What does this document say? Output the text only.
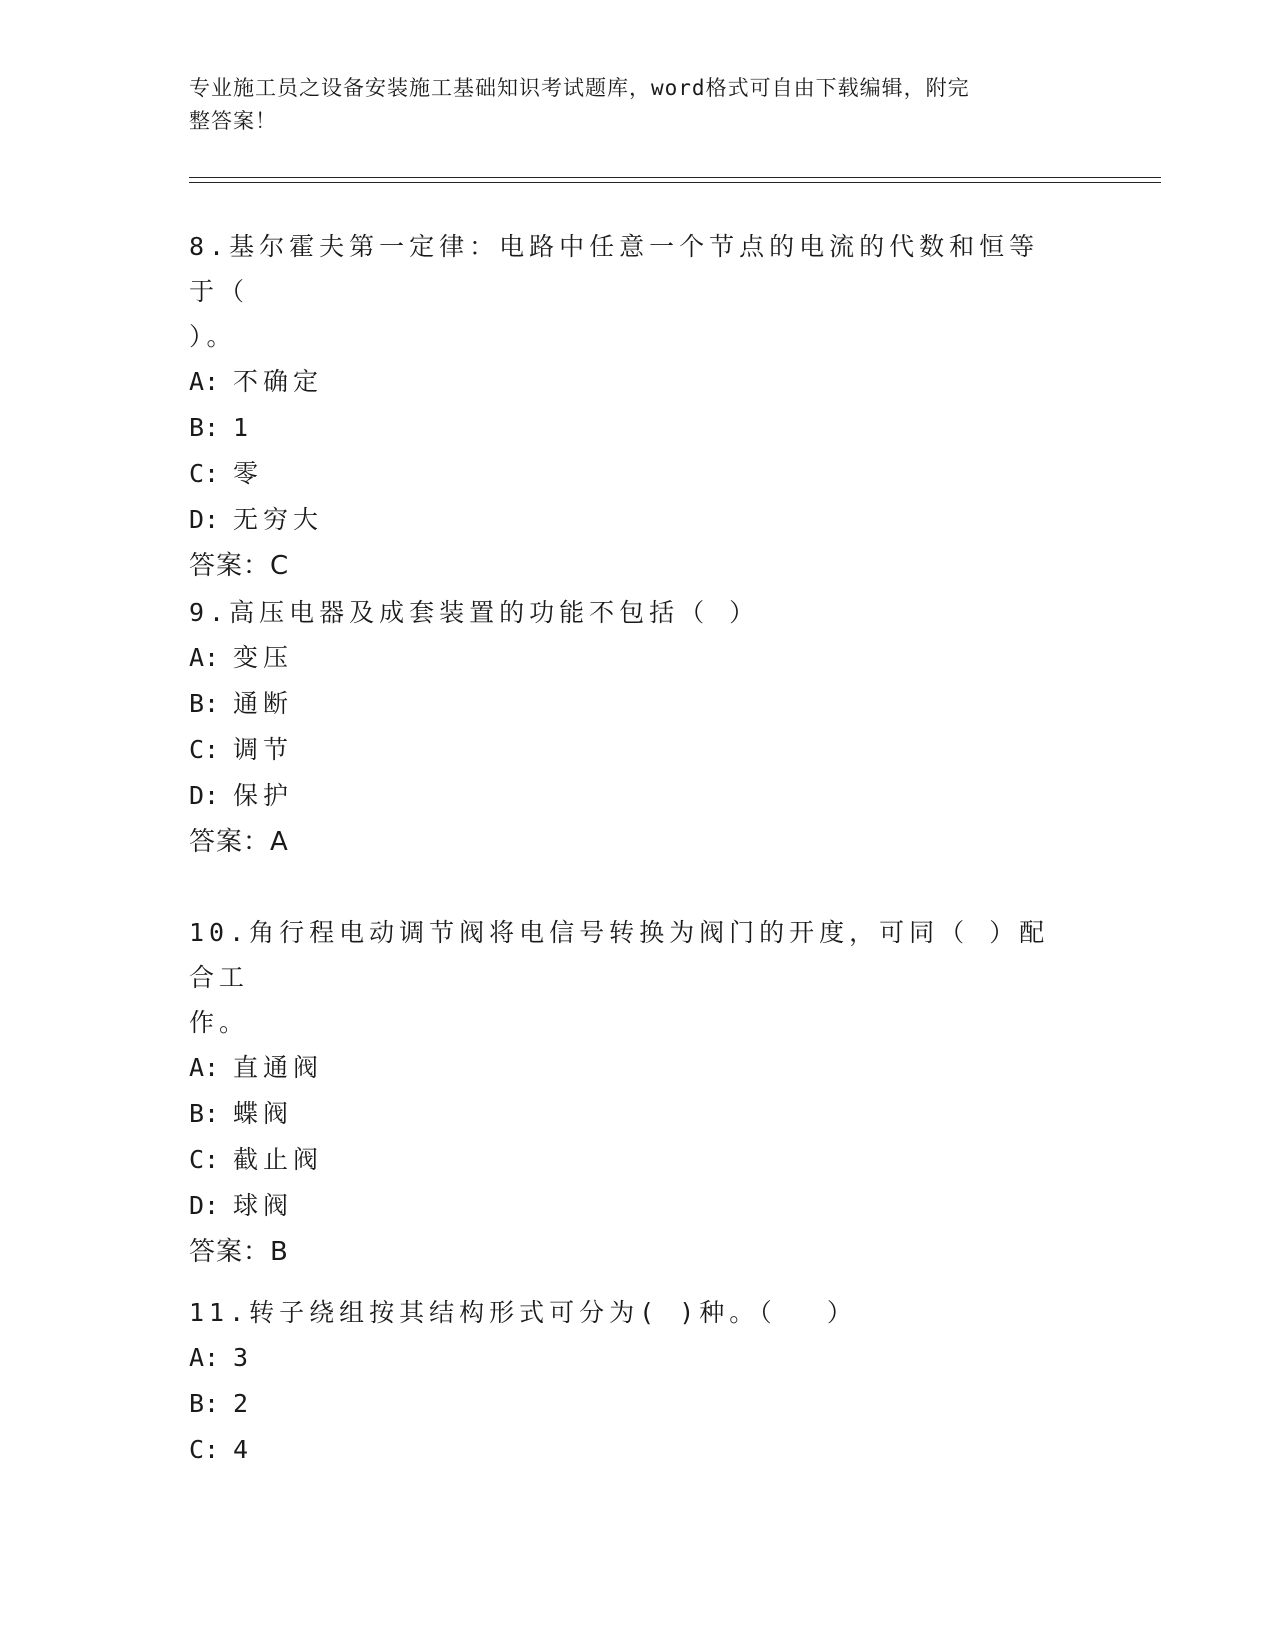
专业施工员之设备安装施工基础知识考试题库，word格式可自由下载编辑，附完
整答案！
8.基尔霍夫第一定律：电路中任意一个节点的电流的代数和恒等于（
）。
A: 不确定
B: 1
C: 零
D: 无穷大
答案：C
9.高压电器及成套装置的功能不包括（ ）
A: 变压
B: 通断
C: 调节
D: 保护
答案：A
10.角行程电动调节阀将电信号转换为阀门的开度，可同（ ）配合工
作。
A: 直通阀
B: 蝶阀
C: 截止阀
D: 球阀
答案：B
11.转子绕组按其结构形式可分为( )种。（　 ）
A: 3
B: 2
C: 4
